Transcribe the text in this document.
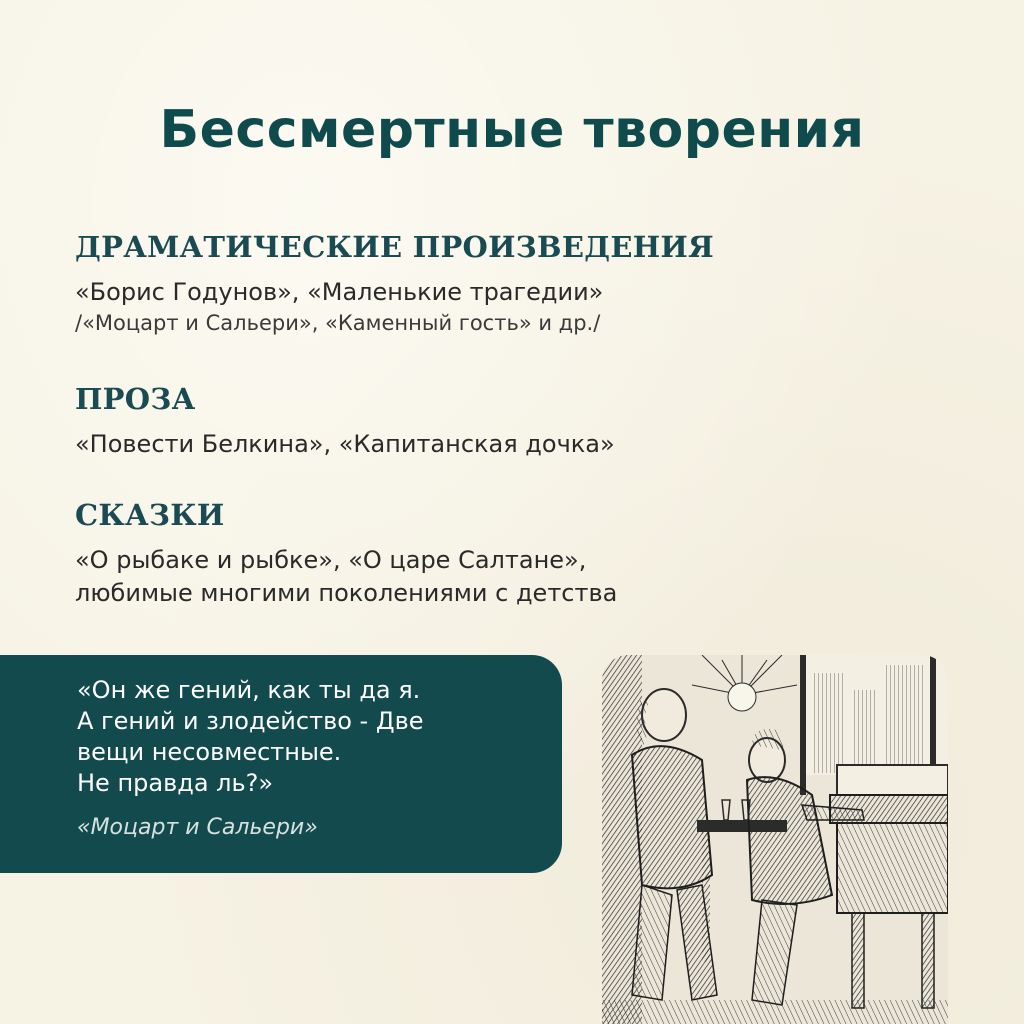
Бессмертные творения

ДРАМАТИЧЕСКИЕ ПРОИЗВЕДЕНИЯ

«Борис Годунов», «Маленькие трагедии»

/«Моцарт и Сальери», «Каменный гость» и др./

ПРОЗА

«Повести Белкина», «Капитанская дочка»

СКАЗКИ

«О рыбаке и рыбке», «О царе Салтане»,

любимые многими поколениями с детства

«Он же гений, как ты да я.

А гений и злодейство - Две

вещи несовместные.

Не правда ль?»

«Моцарт и Сальери»
